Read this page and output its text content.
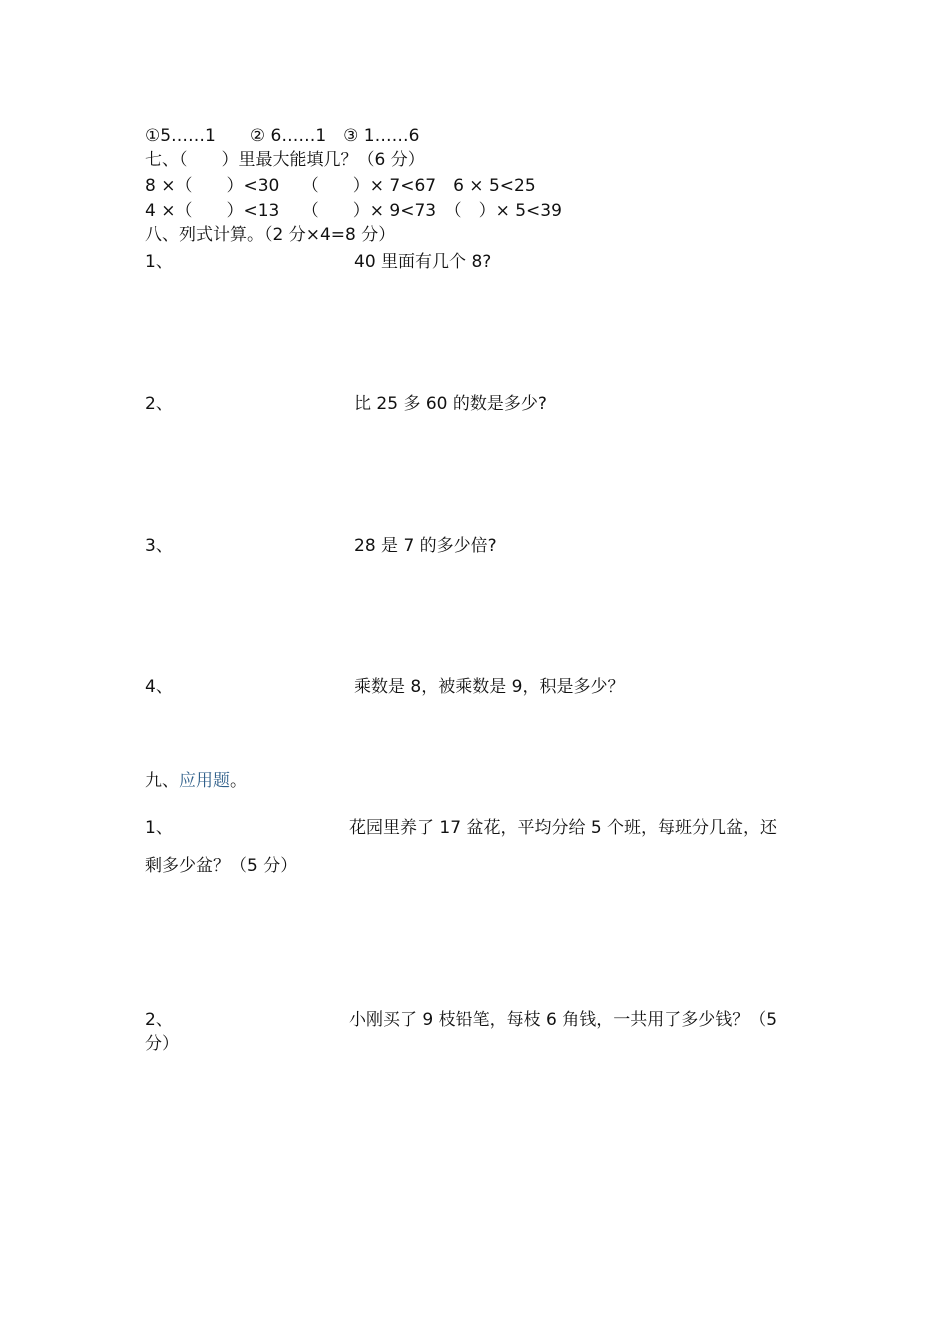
①5……1　　② 6……1　③ 1……6
七、（　　）里最大能填几？（6 分）
8 ×（　　）<30　 （　　）× 7<67　6 × 5<25
4 ×（　　）<13　 （　　）× 9<73　（　）× 5<39
八、列式计算。（2 分×4=8 分）
1、	40 里面有几个 8?
2、	比 25 多 60 的数是多少?
3、	28 是 7 的多少倍?
4、	乘数是 8，被乘数是 9，积是多少？
九、应用题。
1、	花园里养了 17 盆花，平均分给 5 个班，每班分几盆，还
剩多少盆？（5 分）
2、	小刚买了 9 枝铅笔，每枝 6 角钱，一共用了多少钱？（5
分）
